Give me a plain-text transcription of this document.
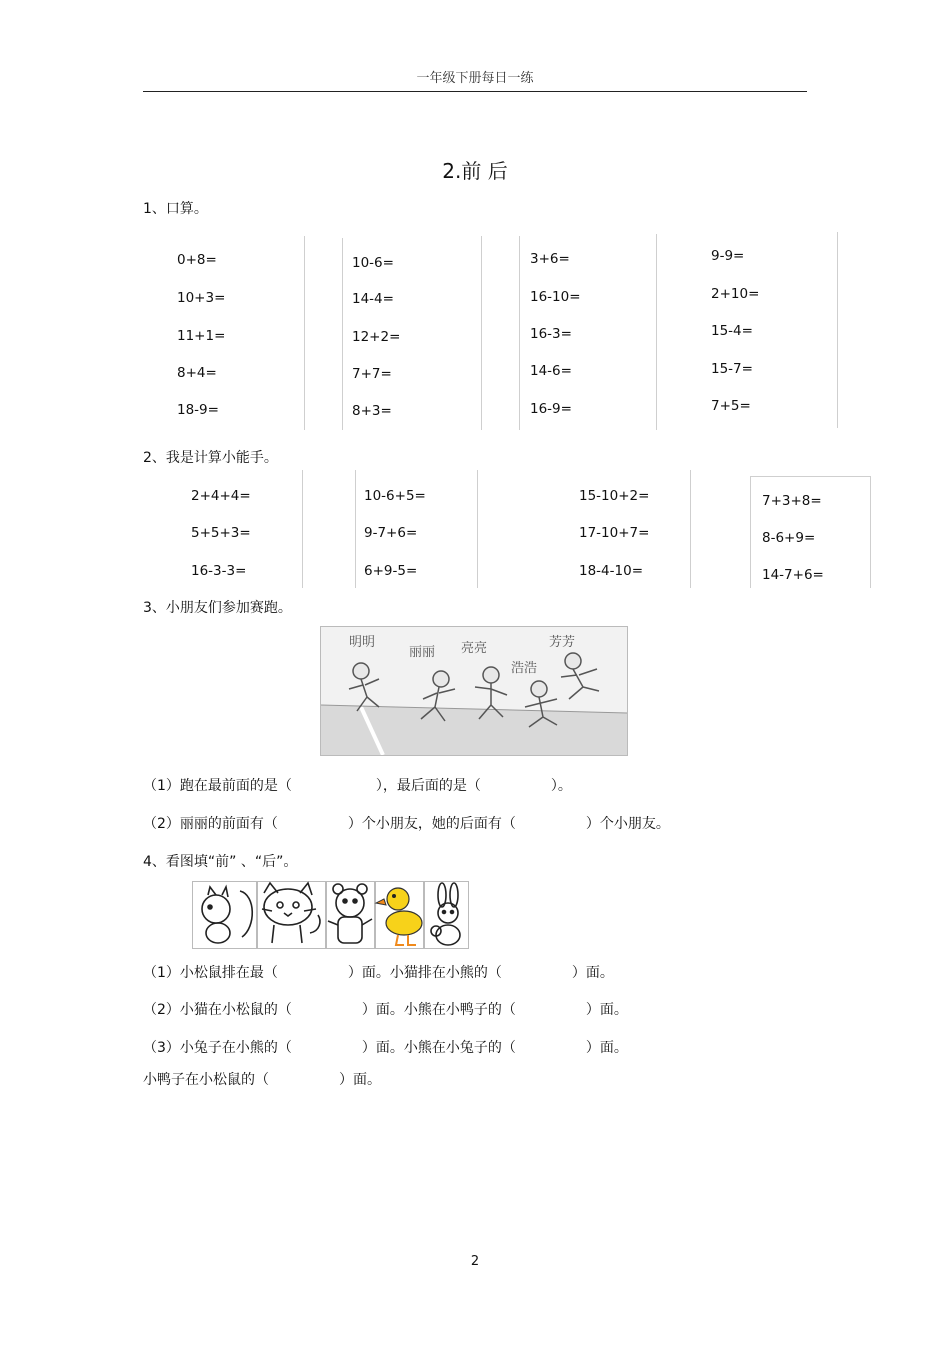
一年级下册每日一练
2.前 后
1、口算。
0+8=
10+3=
11+1=
8+4=
18-9=
10-6=
14-4=
12+2=
7+7=
8+3=
3+6=
16-10=
16-3=
14-6=
16-9=
9-9=
2+10=
15-4=
15-7=
7+5=
2、我是计算小能手。
2+4+4=
5+5+3=
16-3-3=
10-6+5=
9-7+6=
6+9-5=
15-10+2=
17-10+7=
18-4-10=
7+3+8=
8-6+9=
14-7+6=
3、小朋友们参加赛跑。
明明
丽丽 亮亮
浩浩
芳芳
（1）跑在最前面的是（　　　　　　），最后面的是（　　　　　）。
（2）丽丽的前面有（　　　　　）个小朋友，她的后面有（　　　　　）个小朋友。
4、看图填“前” 、“后”。
（1）小松鼠排在最（　　　　　）面。小猫排在小熊的（　　　　　）面。
（2）小猫在小松鼠的（　　　　　）面。小熊在小鸭子的（　　　　　）面。
（3）小兔子在小熊的（　　　　　）面。小熊在小兔子的（　　　　　）面。
小鸭子在小松鼠的（　　　　　）面。
2
